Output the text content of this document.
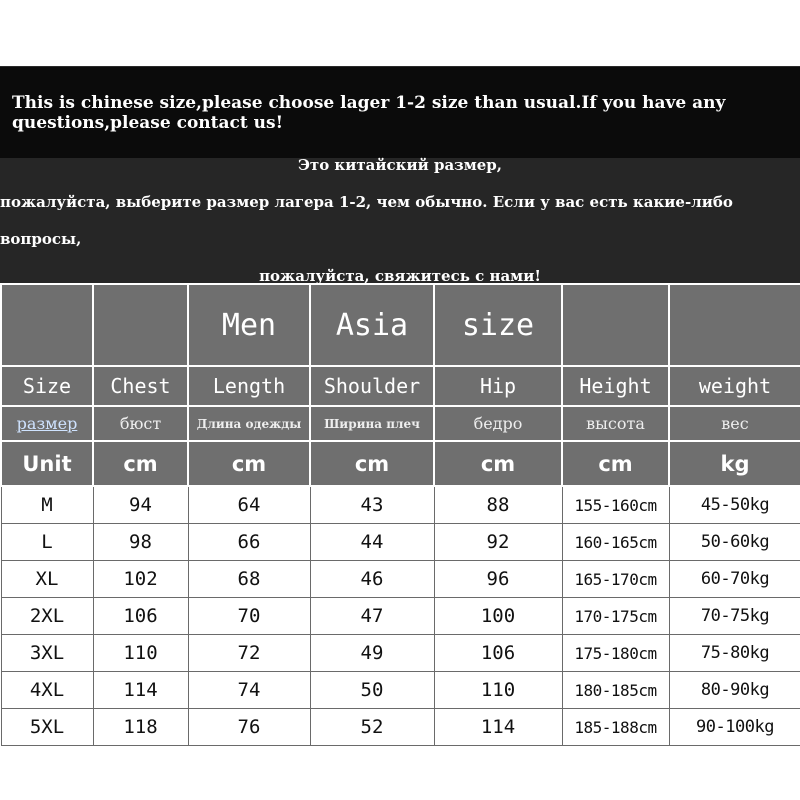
This is chinese size,please choose lager 1-2 size than usual.If you have any questions,please contact us!
Это китайский размер,
пожалуйста, выберите размер лагера 1-2, чем обычно. Если у вас есть какие-либо вопросы,
пожалуйста, свяжитесь с нами!
		Men	Asia	size		
Size	Chest	Length	Shoulder	Hip	Height	weight
размер	бюст	Длина одежды	Ширина плеч	бедро	высота	вес
Unit	cm	cm	cm	cm	cm	kg
M	94	64	43	88	155-160cm	45-50kg
L	98	66	44	92	160-165cm	50-60kg
XL	102	68	46	96	165-170cm	60-70kg
2XL	106	70	47	100	170-175cm	70-75kg
3XL	110	72	49	106	175-180cm	75-80kg
4XL	114	74	50	110	180-185cm	80-90kg
5XL	118	76	52	114	185-188cm	90-100kg
